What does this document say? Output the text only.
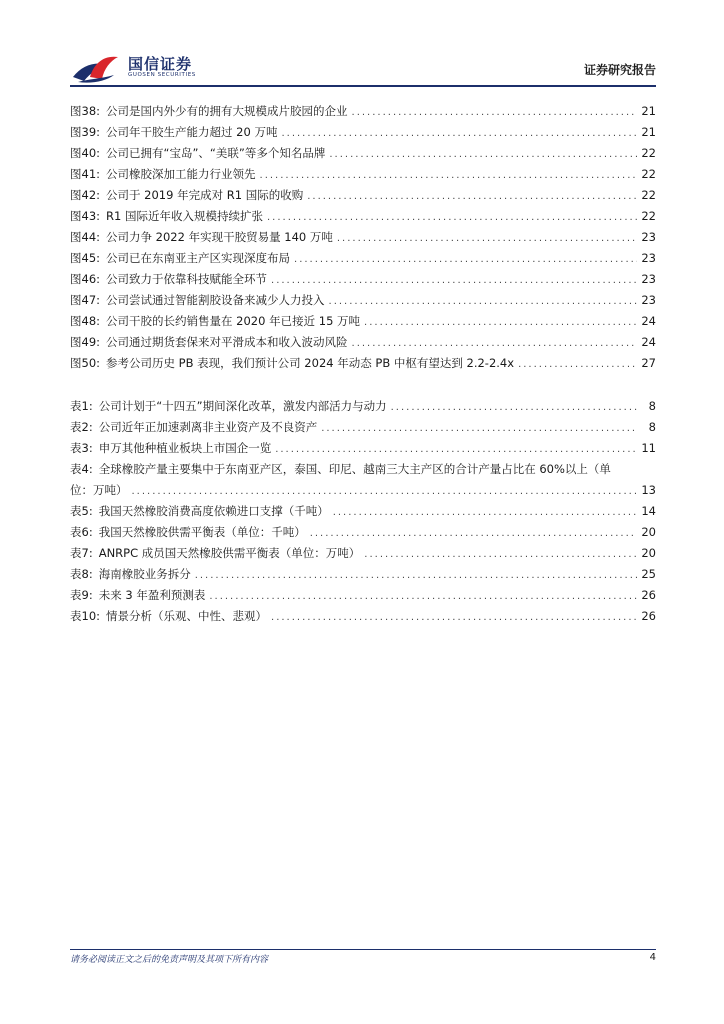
国信证券
GUOSEN SECURITIES	证券研究报告
图38: 公司是国内外少有的拥有大规模成片胶园的企业 .....	21
图39: 公司年干胶生产能力超过 20 万吨 .....	21
图40: 公司已拥有“宝岛”、“美联”等多个知名品牌 .....	22
图41: 公司橡胶深加工能力行业领先 .....	22
图42: 公司于 2019 年完成对 R1 国际的收购 .....	22
图43: R1 国际近年收入规模持续扩张 .....	22
图44: 公司力争 2022 年实现干胶贸易量 140 万吨 .....	23
图45: 公司已在东南亚主产区实现深度布局 .....	23
图46: 公司致力于依靠科技赋能全环节 .....	23
图47: 公司尝试通过智能割胶设备来减少人力投入 .....	23
图48: 公司干胶的长约销售量在 2020 年已接近 15 万吨 .....	24
图49: 公司通过期货套保来对平滑成本和收入波动风险 .....	24
图50: 参考公司历史 PB 表现，我们预计公司 2024 年动态 PB 中枢有望达到 2.2-2.4x .....	27
表1: 公司计划于“十四五”期间深化改革，激发内部活力与动力 .....	8
表2: 公司近年正加速剥离非主业资产及不良资产 .....	8
表3: 申万其他种植业板块上市国企一览 .....	11
表4: 全球橡胶产量主要集中于东南亚产区，泰国、印尼、越南三大主产区的合计产量占比在 60%以上（单
位：万吨） .....	13
表5: 我国天然橡胶消费高度依赖进口支撑（千吨） .....	14
表6: 我国天然橡胶供需平衡表（单位：千吨） .....	20
表7: ANRPC 成员国天然橡胶供需平衡表（单位：万吨） .....	20
表8: 海南橡胶业务拆分 .....	25
表9: 未来 3 年盈利预测表 .....	26
表10: 情景分析（乐观、中性、悲观） .....	26
请务必阅读正文之后的免责声明及其项下所有内容	4
